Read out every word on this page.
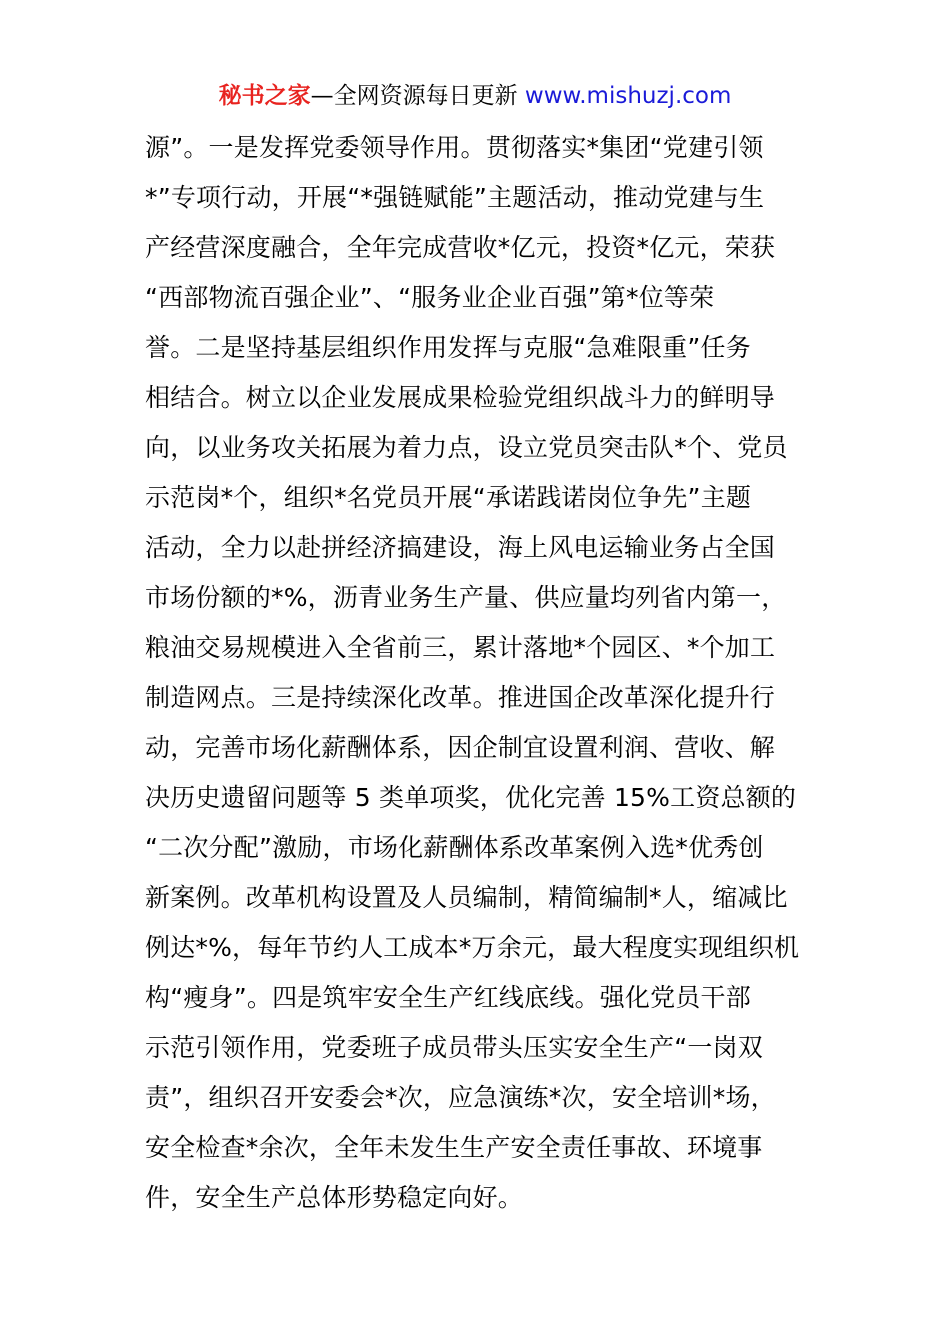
秘书之家—全网资源每日更新 www.mishuzj.com
源”。一是发挥党委领导作用。贯彻落实*集团“党建引领
*”专项行动，开展“*强链赋能”主题活动，推动党建与生
产经营深度融合，全年完成营收*亿元，投资*亿元，荣获
“西部物流百强企业”、“服务业企业百强”第*位等荣
誉。二是坚持基层组织作用发挥与克服“急难限重”任务
相结合。树立以企业发展成果检验党组织战斗力的鲜明导
向，以业务攻关拓展为着力点，设立党员突击队*个、党员
示范岗*个，组织*名党员开展“承诺践诺岗位争先”主题
活动，全力以赴拼经济搞建设，海上风电运输业务占全国
市场份额的*%，沥青业务生产量、供应量均列省内第一，
粮油交易规模进入全省前三，累计落地*个园区、*个加工
制造网点。三是持续深化改革。推进国企改革深化提升行
动，完善市场化薪酬体系，因企制宜设置利润、营收、解
决历史遗留问题等 5 类单项奖，优化完善 15%工资总额的
“二次分配”激励，市场化薪酬体系改革案例入选*优秀创
新案例。改革机构设置及人员编制，精简编制*人，缩减比
例达*%，每年节约人工成本*万余元，最大程度实现组织机
构“瘦身”。四是筑牢安全生产红线底线。强化党员干部
示范引领作用，党委班子成员带头压实安全生产“一岗双
责”，组织召开安委会*次，应急演练*次，安全培训*场，
安全检查*余次，全年未发生生产安全责任事故、环境事
件，安全生产总体形势稳定向好。
